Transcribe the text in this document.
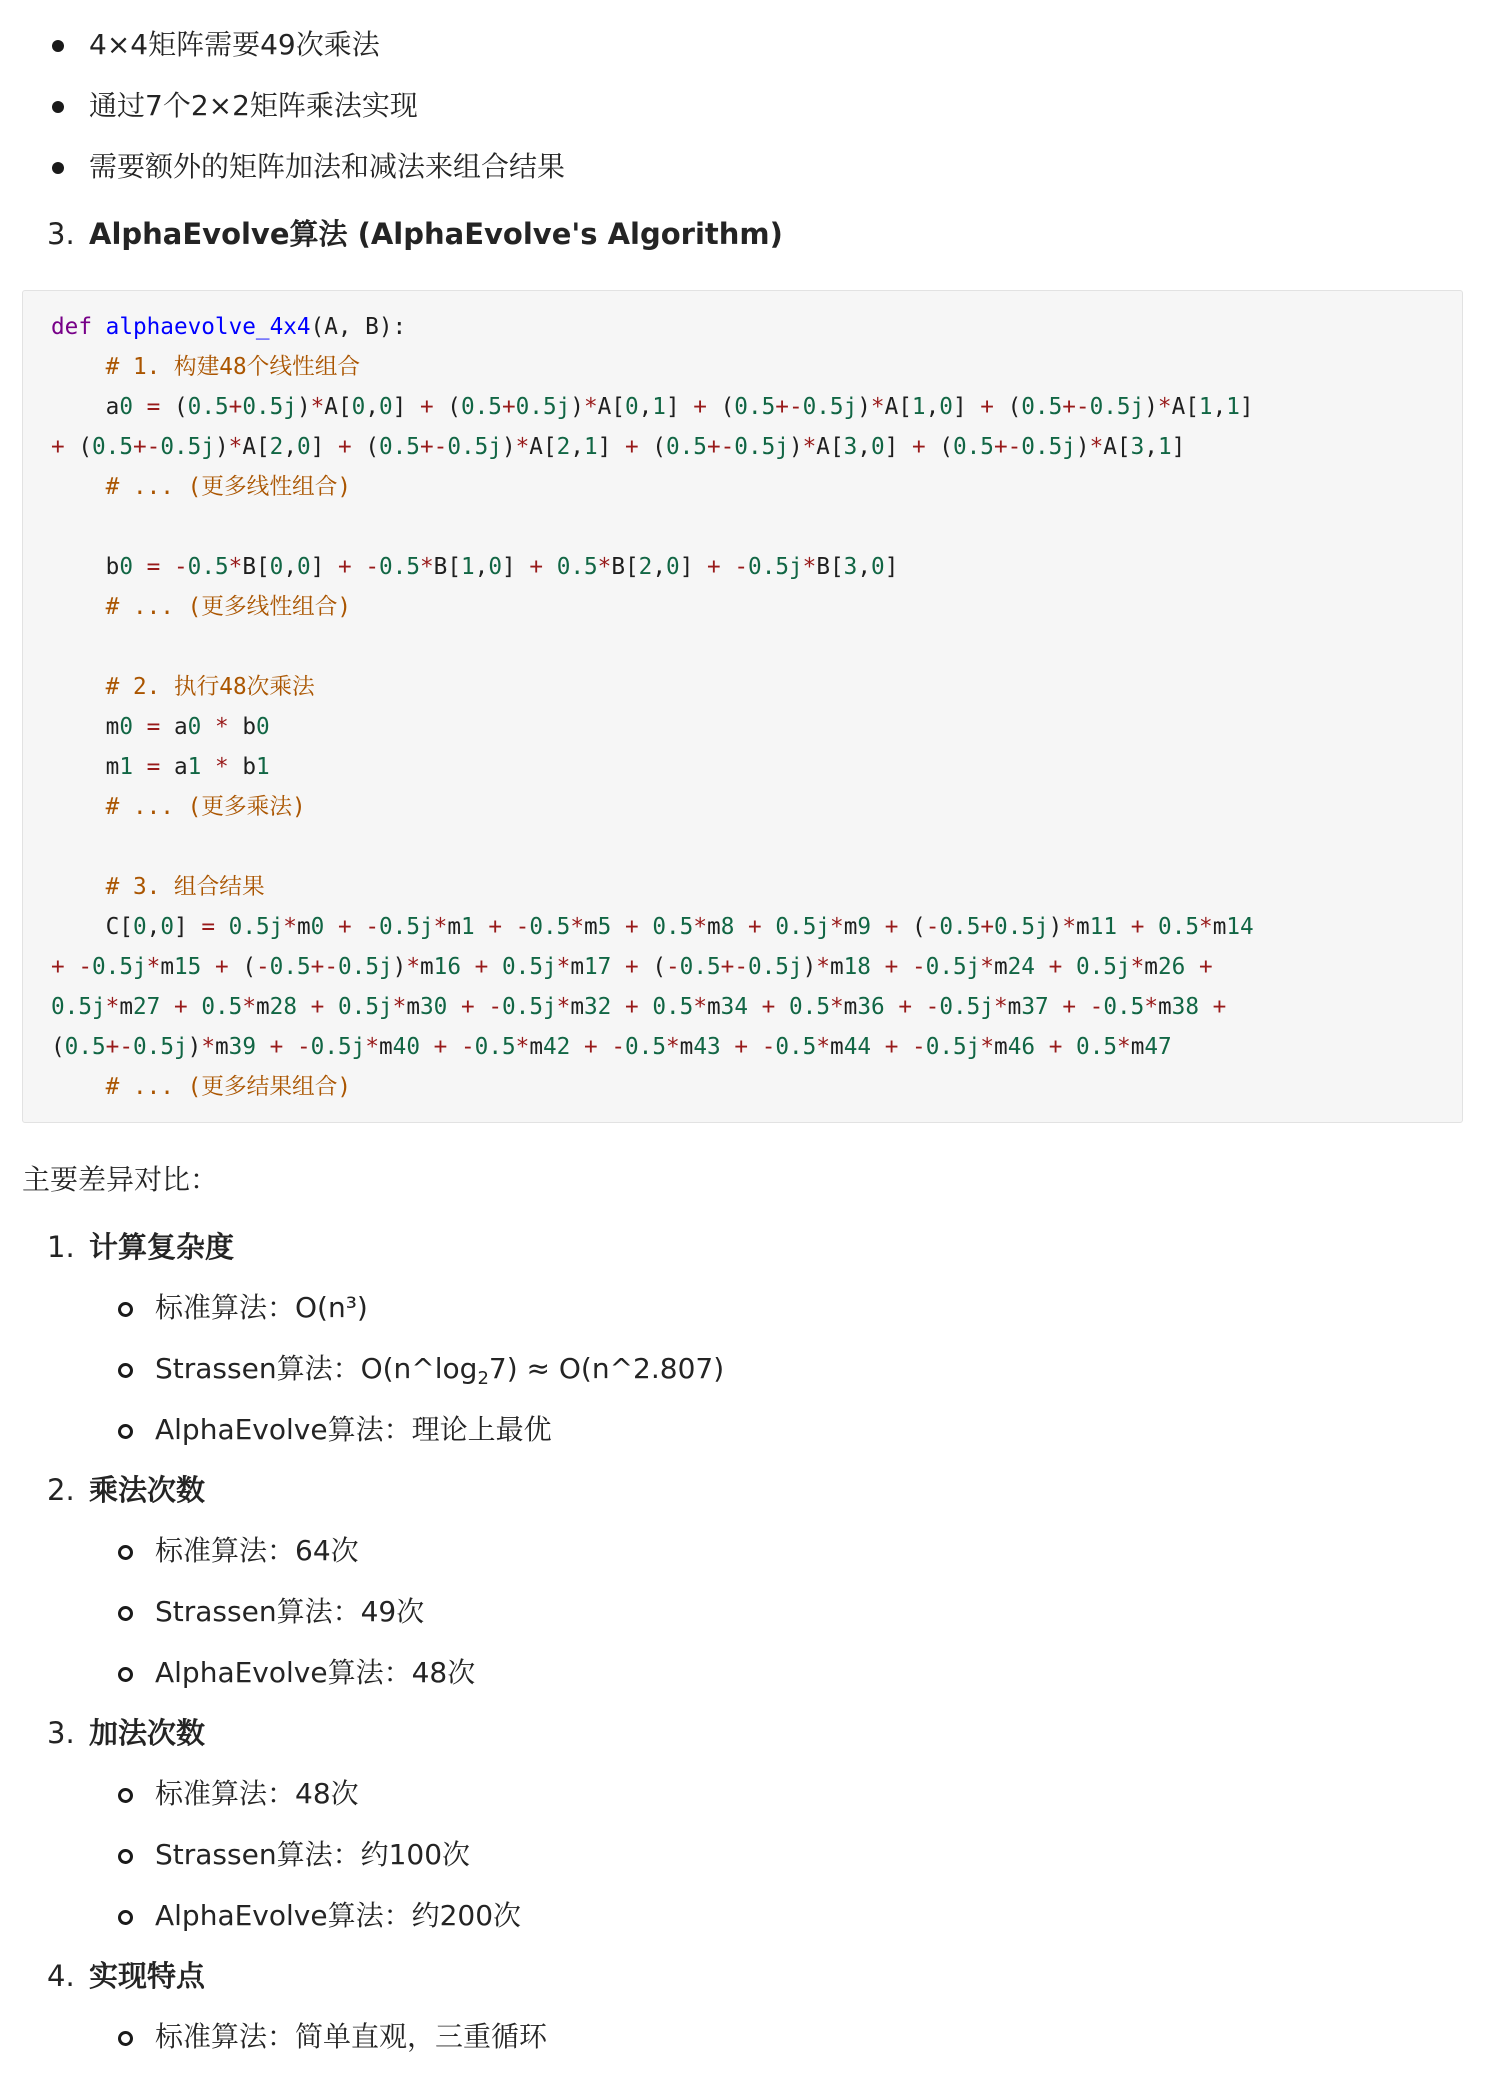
4×4矩阵需要49次乘法
通过7个2×2矩阵乘法实现
需要额外的矩阵加法和减法来组合结果
3. AlphaEvolve算法 (AlphaEvolve's Algorithm)
def alphaevolve_4x4(A, B):
# 1. 构建48个线性组合
a0 = (0.5+0.5j)*A[0,0] + (0.5+0.5j)*A[0,1] + (0.5+-0.5j)*A[1,0] + (0.5+-0.5j)*A[1,1]
+ (0.5+-0.5j)*A[2,0] + (0.5+-0.5j)*A[2,1] + (0.5+-0.5j)*A[3,0] + (0.5+-0.5j)*A[3,1]
# ... (更多线性组合)
b0 = -0.5*B[0,0] + -0.5*B[1,0] + 0.5*B[2,0] + -0.5j*B[3,0]
# ... (更多线性组合)
# 2. 执行48次乘法
m0 = a0 * b0
m1 = a1 * b1
# ... (更多乘法)
# 3. 组合结果
C[0,0] = 0.5j*m0 + -0.5j*m1 + -0.5*m5 + 0.5*m8 + 0.5j*m9 + (-0.5+0.5j)*m11 + 0.5*m14
+ -0.5j*m15 + (-0.5+-0.5j)*m16 + 0.5j*m17 + (-0.5+-0.5j)*m18 + -0.5j*m24 + 0.5j*m26 +
0.5j*m27 + 0.5*m28 + 0.5j*m30 + -0.5j*m32 + 0.5*m34 + 0.5*m36 + -0.5j*m37 + -0.5*m38 +
(0.5+-0.5j)*m39 + -0.5j*m40 + -0.5*m42 + -0.5*m43 + -0.5*m44 + -0.5j*m46 + 0.5*m47
# ... (更多结果组合)
主要差异对比：
1. 计算复杂度
标准算法：O(n³)
Strassen算法：$O(n\^{}\log_27)$ ≈ O(n^2.807)
AlphaEvolve算法：理论上最优
2. 乘法次数
标准算法：64次
Strassen算法：49次
AlphaEvolve算法：48次
3. 加法次数
标准算法：48次
Strassen算法：约100次
AlphaEvolve算法：约200次
4. 实现特点
标准算法：简单直观，三重循环
